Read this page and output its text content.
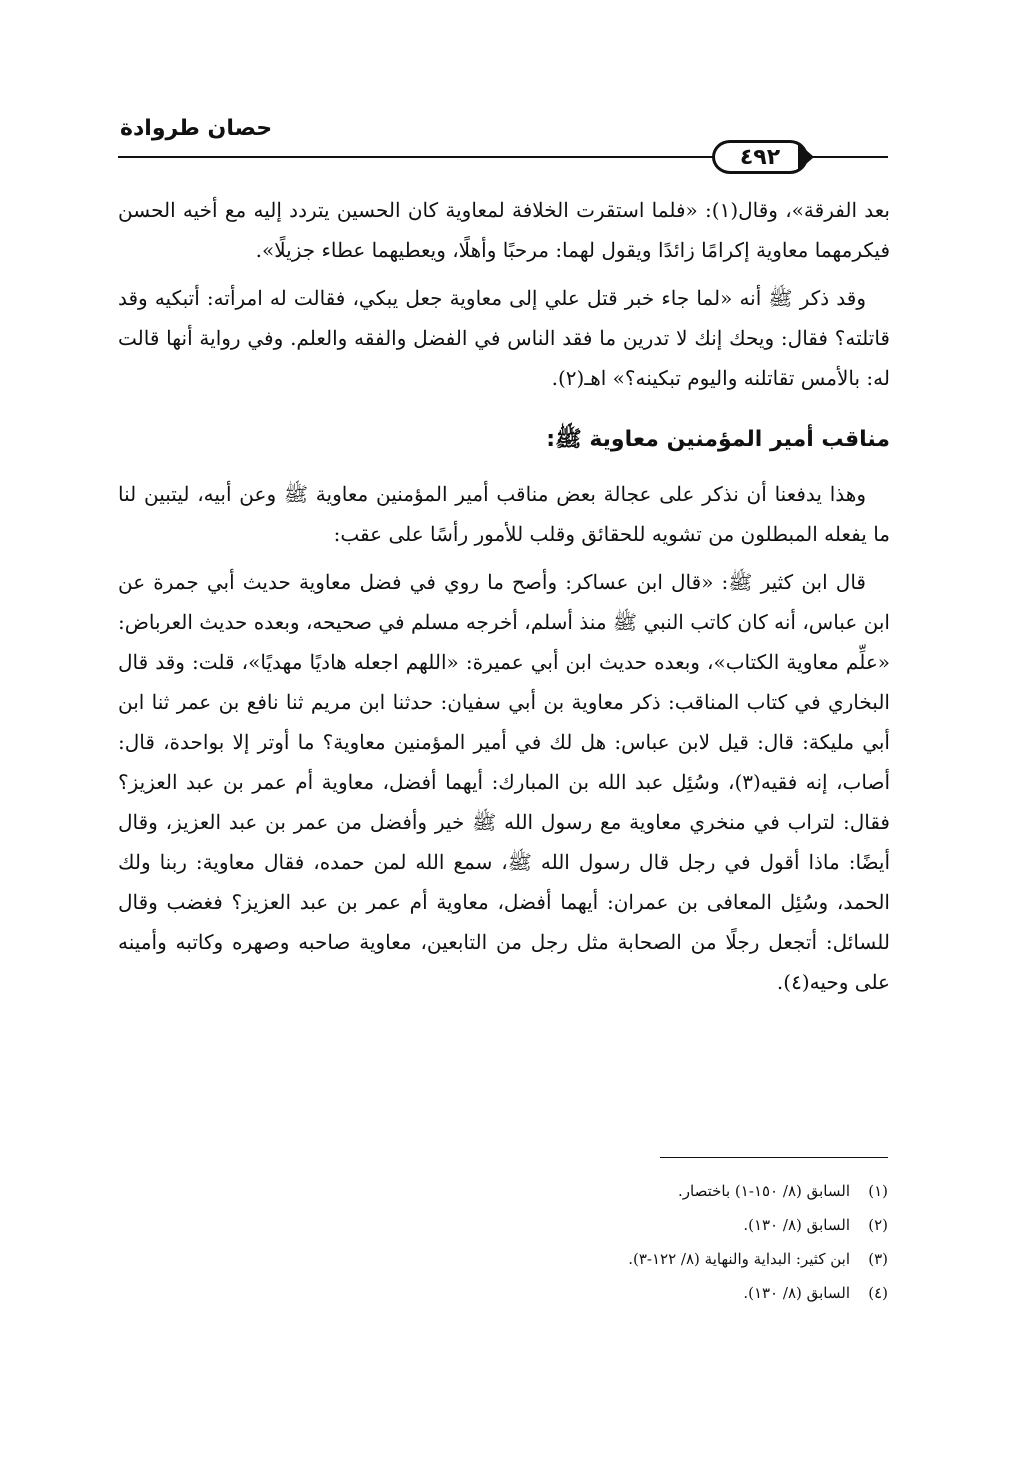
حصان طروادة
٤٩٢

بعد الفرقة»، وقال(١): «فلما استقرت الخلافة لمعاوية كان الحسين يتردد إليه مع أخيه الحسن فيكرمهما معاوية إكرامًا زائدًا ويقول لهما: مرحبًا وأهلًا، ويعطيهما عطاء جزيلًا».

وقد ذكر ﷺ أنه «لما جاء خبر قتل علي إلى معاوية جعل يبكي، فقالت له امرأته: أتبكيه وقد قاتلته؟ فقال: ويحك إنك لا تدرين ما فقد الناس في الفضل والفقه والعلم. وفي رواية أنها قالت له: بالأمس تقاتلنه واليوم تبكينه؟» اهـ(٢).

مناقب أمير المؤمنين معاوية ﷺ:

وهذا يدفعنا أن نذكر على عجالة بعض مناقب أمير المؤمنين معاوية ﷺ وعن أبيه، ليتبين لنا ما يفعله المبطلون من تشويه للحقائق وقلب للأمور رأسًا على عقب:

قال ابن كثير ﷺ: «قال ابن عساكر: وأصح ما روي في فضل معاوية حديث أبي جمرة عن ابن عباس، أنه كان كاتب النبي ﷺ منذ أسلم، أخرجه مسلم في صحيحه، وبعده حديث العرباض: «علِّم معاوية الكتاب»، وبعده حديث ابن أبي عميرة: «اللهم اجعله هاديًا مهديًا»، قلت: وقد قال البخاري في كتاب المناقب: ذكر معاوية بن أبي سفيان: حدثنا ابن مريم ثنا نافع بن عمر ثنا ابن أبي مليكة: قال: قيل لابن عباس: هل لك في أمير المؤمنين معاوية؟ ما أوتر إلا بواحدة، قال: أصاب، إنه فقيه(٣)، وسُئِل عبد الله بن المبارك: أيهما أفضل، معاوية أم عمر بن عبد العزيز؟ فقال: لتراب في منخري معاوية مع رسول الله ﷺ خير وأفضل من عمر بن عبد العزيز، وقال أيضًا: ماذا أقول في رجل قال رسول الله ﷺ، سمع الله لمن حمده، فقال معاوية: ربنا ولك الحمد، وسُئِل المعافى بن عمران: أيهما أفضل، معاوية أم عمر بن عبد العزيز؟ فغضب وقال للسائل: أتجعل رجلًا من الصحابة مثل رجل من التابعين، معاوية صاحبه وصهره وكاتبه وأمينه على وحيه(٤).

(١)
السابق (٨/ ١٥٠-١) باختصار.
(٢)
السابق (٨/ ١٣٠).
(٣)
ابن كثير: البداية والنهاية (٨/ ١٢٢-٣).
(٤)
السابق (٨/ ١٣٠).
